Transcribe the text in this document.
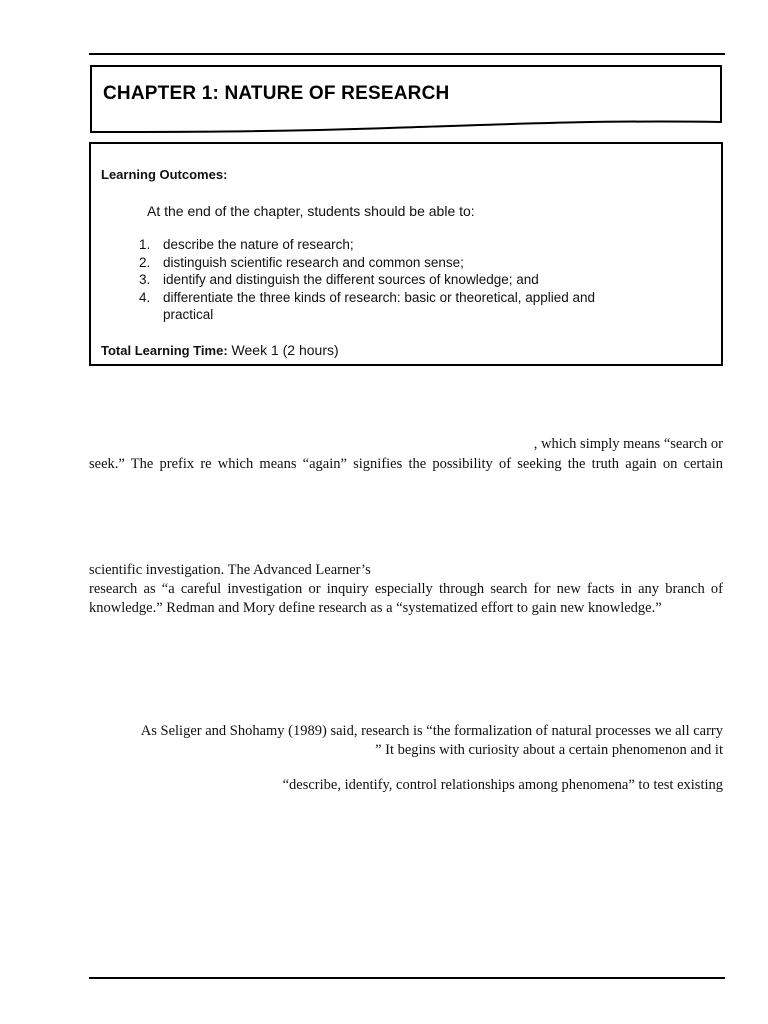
CHAPTER 1: NATURE OF RESEARCH
Learning Outcomes:
At the end of the chapter, students should be able to:
1. describe the nature of research;
2. distinguish scientific research and common sense;
3. identify and distinguish the different sources of knowledge; and
4. differentiate the three kinds of research: basic or theoretical, applied and
practical
Total Learning Time: Week 1 (2 hours)
, which simply means “search or
seek.” The prefix re which means “again” signifies the possibility of seeking the truth again on certain
scientific investigation. The Advanced Learner’s
research as “a careful investigation or inquiry especially through search for new facts in any branch of
knowledge.” Redman and Mory define research as a “systematized effort to gain new knowledge.”
As Seliger and Shohamy (1989) said, research is “the formalization of natural processes we all carry
” It begins with curiosity about a certain phenomenon and it
“describe, identify, control relationships among phenomena” to test existing
